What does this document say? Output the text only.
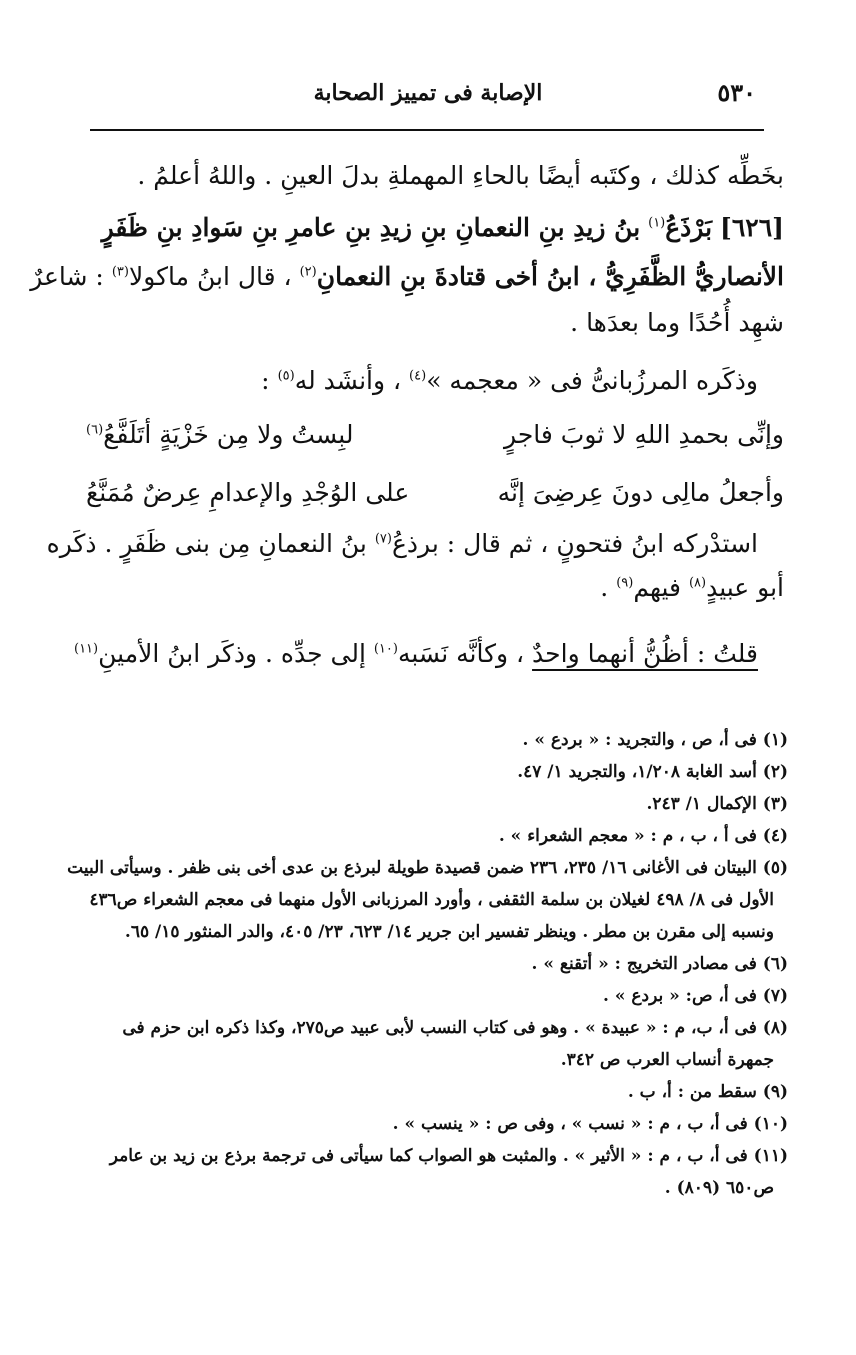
٥٣٠
الإصابة فى تمييز الصحابة
بخَطِّه كذلك ، وكتَبه أيضًا بالحاءِ المهملةِ بدلَ العينِ . واللهُ أعلمُ .
[٦٢٦] بَرْذَعُ$^{(١)}$ بنُ زيدِ بنِ النعمانِ بنِ زيدِ بنِ عامرِ بنِ سَوادِ بنِ ظَفَرٍ
الأنصاريُّ الظَّفَرِيُّ ، ابنُ أخى قتادةَ بنِ النعمانِ$^{(٢)}$ ، قال ابنُ ماكولا$^{(٣)}$ : شاعرٌ
شهِد أُحُدًا وما بعدَها .
وذكَره المرزُبانىُّ فى « معجمه »$^{(٤)}$ ، وأنشَد له$^{(٥)}$ :
وإنِّى بحمدِ اللهِ لا ثوبَ فاجرٍ
لبِستُ ولا مِن خَزْيَةٍ أتَلَفَّعُ$^{(٦)}$
وأجعلُ مالِى دونَ عِرضِىَ إنَّه
على الوُجْدِ والإعدامِ عِرضٌ مُمَنَّعُ
استدْركه ابنُ فتحونٍ ، ثم قال : برذعُ$^{(٧)}$ بنُ النعمانِ مِن بنى ظَفَرٍ . ذكَره
أبو عبيدٍ$^{(٨)}$ فيهم$^{(٩)}$ .
قلتُ : أظُنُّ أنهما واحدٌ ، وكأنَّه نَسَبه$^{(١٠)}$ إلى جدِّه . وذكَر ابنُ الأمينِ$^{(١١)}$
(١) فى أ، ص ، والتجريد : « بردع » .
(٢) أسد الغابة ١/٢٠٨، والتجريد ١/ ٤٧.
(٣) الإكمال ١/ ٢٤٣.
(٤) فى أ ، ب ، م : « معجم الشعراء » .
(٥) البيتان فى الأغانى ١٦/ ٢٣٥، ٢٣٦ ضمن قصيدة طويلة لبرذع بن عدى أخى بنى ظفر . وسيأتى البيت
الأول فى ٨/ ٤٩٨ لغيلان بن سلمة الثقفى ، وأورد المرزبانى الأول منهما فى معجم الشعراء ص٤٣٦
ونسبه إلى مقرن بن مطر . وينظر تفسير ابن جرير ١٤/ ٦٢٣، ٢٣/ ٤٠٥، والدر المنثور ١٥/ ٦٥.
(٦) فى مصادر التخريج : « أتقنع » .
(٧) فى أ، ص: « بردع » .
(٨) فى أ، ب، م : « عبيدة » . وهو فى كتاب النسب لأبى عبيد ص٢٧٥، وكذا ذكره ابن حزم فى
جمهرة أنساب العرب ص ٣٤٢.
(٩) سقط من : أ، ب .
(١٠) فى أ، ب ، م : « نسب » ، وفى ص : « ينسب » .
(١١) فى أ، ب ، م : « الأثير » . والمثبت هو الصواب كما سيأتى فى ترجمة برذع بن زيد بن عامر
ص٦٥٠ (٨٠٩) .
